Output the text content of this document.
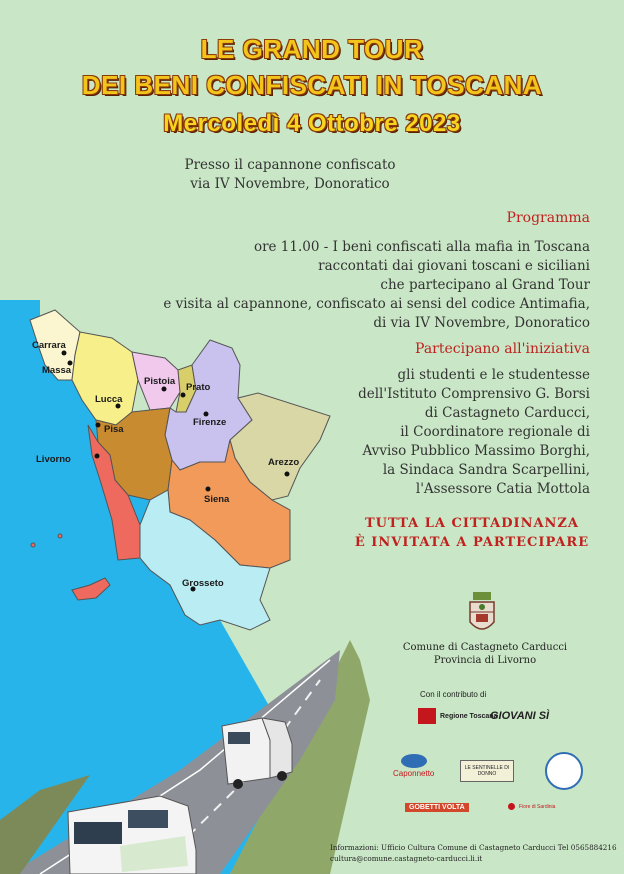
Carrara
Massa
Lucca
Pistoia
Prato
Pisa
Firenze
Livorno	Arezzo
Siena
Grosseto
LE GRAND TOUR
DEI BENI CONFISCATI IN TOSCANA
Mercoledì 4 Ottobre 2023
Presso il capannone confiscato
via IV Novembre, Donoratico
Programma
ore 11.00 - I beni confiscati alla mafia in Toscana
raccontati dai giovani toscani e siciliani
che partecipano al Grand Tour
e visita al capannone, confiscato ai sensi del codice Antimafia,
di via IV Novembre, Donoratico
Partecipano all'iniziativa
gli studenti e le studentesse
dell'Istituto Comprensivo G. Borsi
di Castagneto Carducci,
il Coordinatore regionale di
Avviso Pubblico Massimo Borghi,
la Sindaca Sandra Scarpellini,
l'Assessore Catia Mottola
TUTTA LA CITTADINANZA
È INVITATA A PARTECIPARE
Comune di Castagneto Carducci
Provincia di Livorno
Con il contributo di
Regione Toscana
GIOVANI SÌ
Caponnetto
LE SENTINELLE DI DONNO
GOBETTI VOLTA	Fiore di Sardinia
Informazioni: Ufficio Cultura Comune di Castagneto Carducci Tel 0565884216
cultura@comune.castagneto-carducci.li.it
